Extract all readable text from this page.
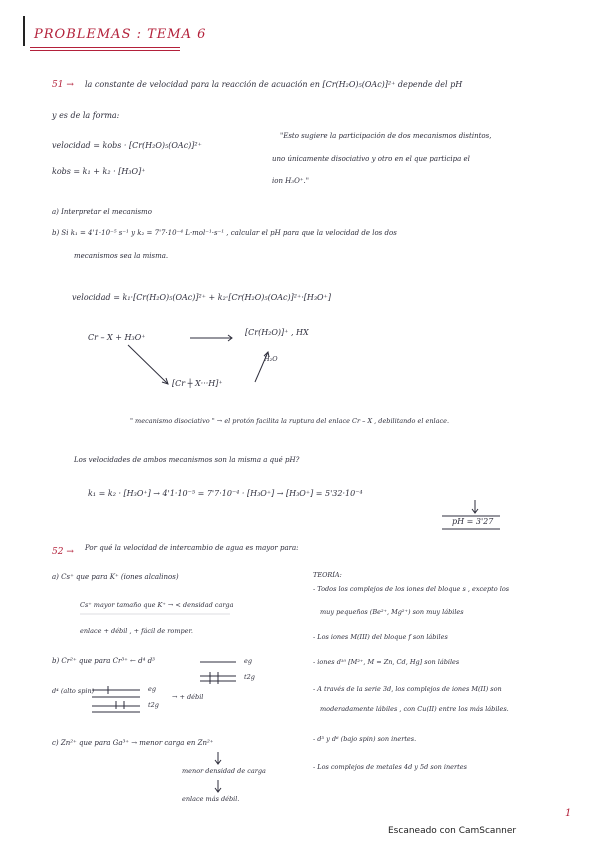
PROBLEMAS : TEMA 6
51 → la constante de velocidad para la reacción de acuación en [Cr(H₂O)₅(OAc)]²⁺ depende del pH
y es de la forma:
velocidad = kobs · [Cr(H₂O)₅(OAc)]²⁺
kobs = k₁ + k₂ · [H₃O]⁺
"Esto sugiere la participación de dos mecanismos distintos,
uno únicamente disociativo y otro en el que participa el
ion H₃O⁺."
a) Interpretar el mecanismo
b) Si k₁ = 4'1·10⁻⁵ s⁻¹ y k₂ = 7'7·10⁻⁴ L·mol⁻¹·s⁻¹ , calcular el pH para que la velocidad de los dos
mecanismos sea la misma.
velocidad = k₁·[Cr(H₂O)₅(OAc)]²⁺ + k₂·[Cr(H₂O)₅(OAc)]²⁺·[H₃O⁺]
Cr – X + H₃O⁺
[Cr(H₂O)]⁺ , HX
H₂O
[Cr ┼ X···H]⁺
" mecanismo disociativo " → el protón facilita la ruptura del enlace Cr – X , debilitando el enlace.
Los velocidades de ambos mecanismos son la misma a qué pH?
k₁ = k₂ · [H₃O⁺] → 4'1·10⁻⁵ = 7'7·10⁻⁴ · [H₃O⁺] → [H₃O⁺] = 5'32·10⁻⁴
pH = 3'27
52 → Por qué la velocidad de intercambio de agua es mayor para:
a) Cs⁺ que para K⁺ (iones alcalinos)
Cs⁺ mayor tamaño que K⁺ → < densidad carga
enlace + débil , + fácil de romper.
b) Cr²⁺ que para Cr³⁺ ← d⁴ d³
d⁴ (alto spin)	eg
t2g
→ + débil
eg
t2g
c) Zn²⁺ que para Ga³⁺ → menor carga en Zn²⁺
menor densidad de carga
enlace más débil.
TEORÍA:
- Todos los complejos de los iones del bloque s , excepto los
muy pequeños (Be²⁺, Mg²⁺) son muy lábiles
- Los iones M(III) del bloque f son lábiles
- iones d¹⁰ [M²⁺, M = Zn, Cd, Hg] son lábiles
- A través de la serie 3d, los complejos de iones M(II) son
moderadamente lábiles , con Cu(II) entre los más lábiles.
- d³ y d⁶ (bajo spin) son inertes.
- Los complejos de metales 4d y 5d son inertes
1
Escaneado con CamScanner
